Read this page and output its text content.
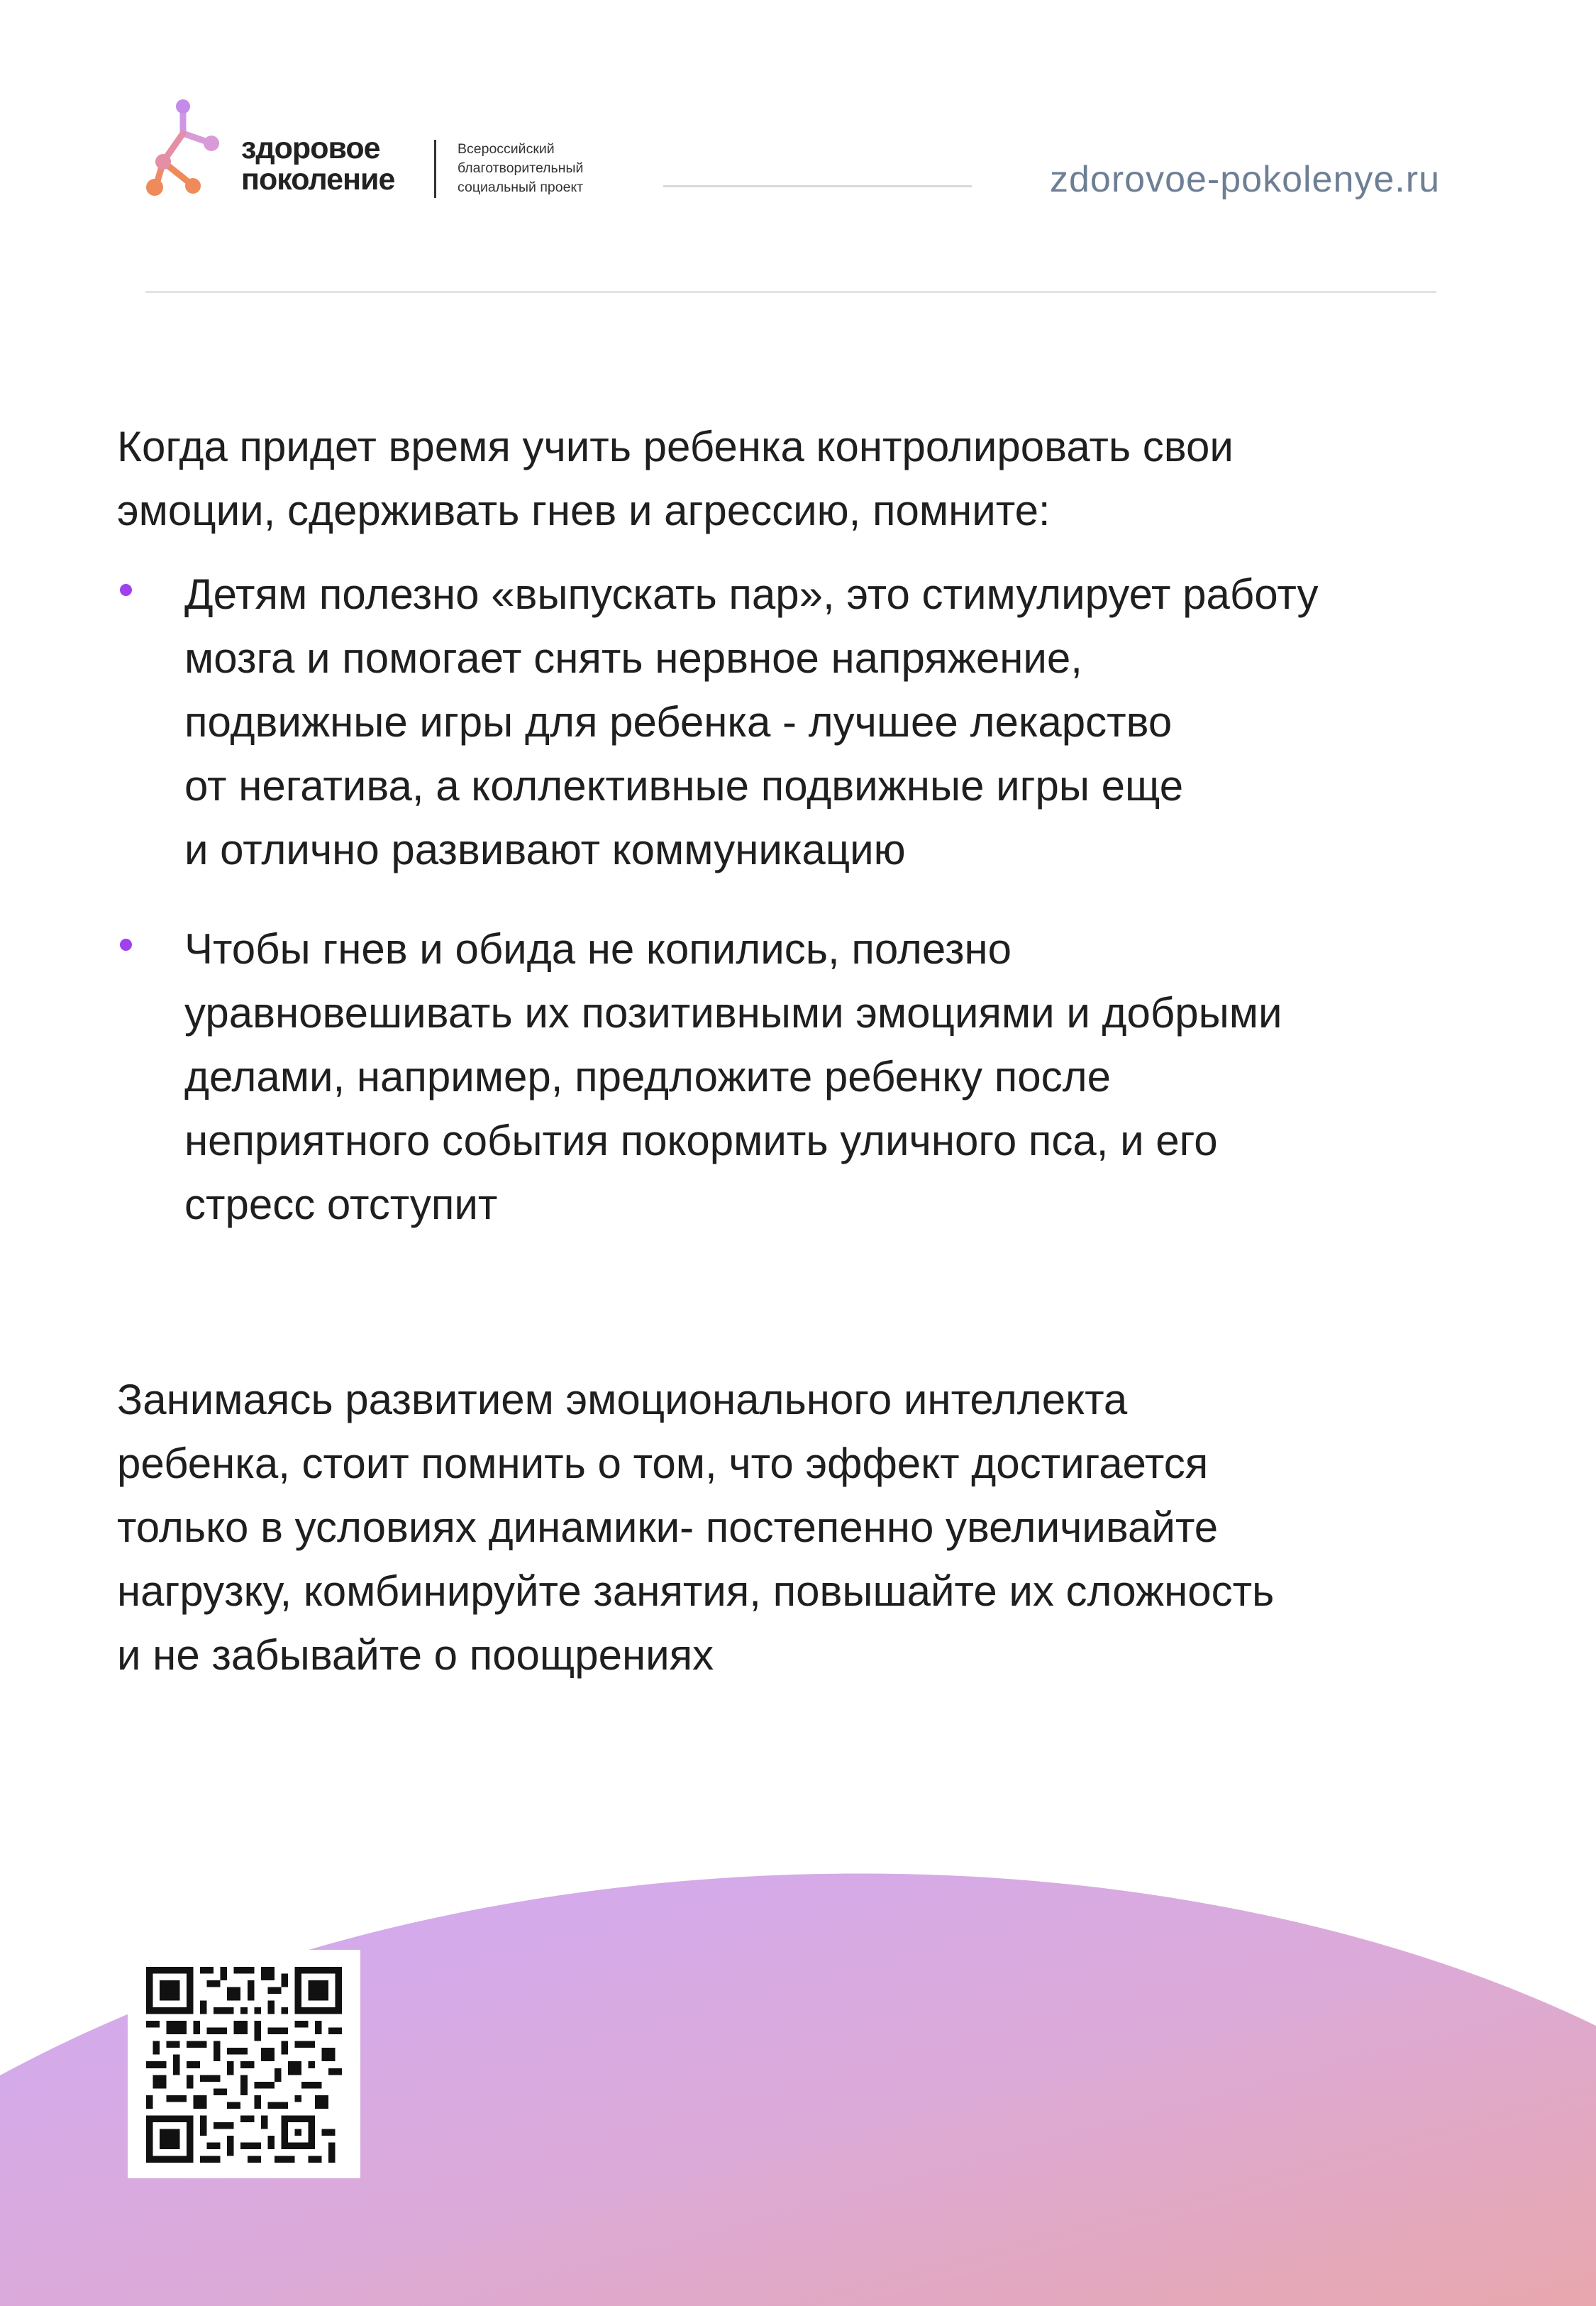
здоровое
поколение
Всероссийский
благотворительный
социальный проект	zdorovoe-pokolenye.ru
Когда придет время учить ребенка контролировать свои
эмоции, сдерживать гнев и агрессию, помните:
Детям полезно «выпускать пар», это стимулирует работу
мозга и помогает снять нервное напряжение,
подвижные игры для ребенка - лучшее лекарство
от негатива, а коллективные подвижные игры еще
и отлично развивают коммуникацию
Чтобы гнев и обида не копились, полезно
уравновешивать их позитивными эмоциями и добрыми
делами, например, предложите ребенку после
неприятного события покормить уличного пса, и его
стресс отступит
Занимаясь развитием эмоционального интеллекта
ребенка, стоит помнить о том, что эффект достигается
только в условиях динамики- постепенно увеличивайте
нагрузку, комбинируйте занятия, повышайте их сложность
и не забывайте о поощрениях
